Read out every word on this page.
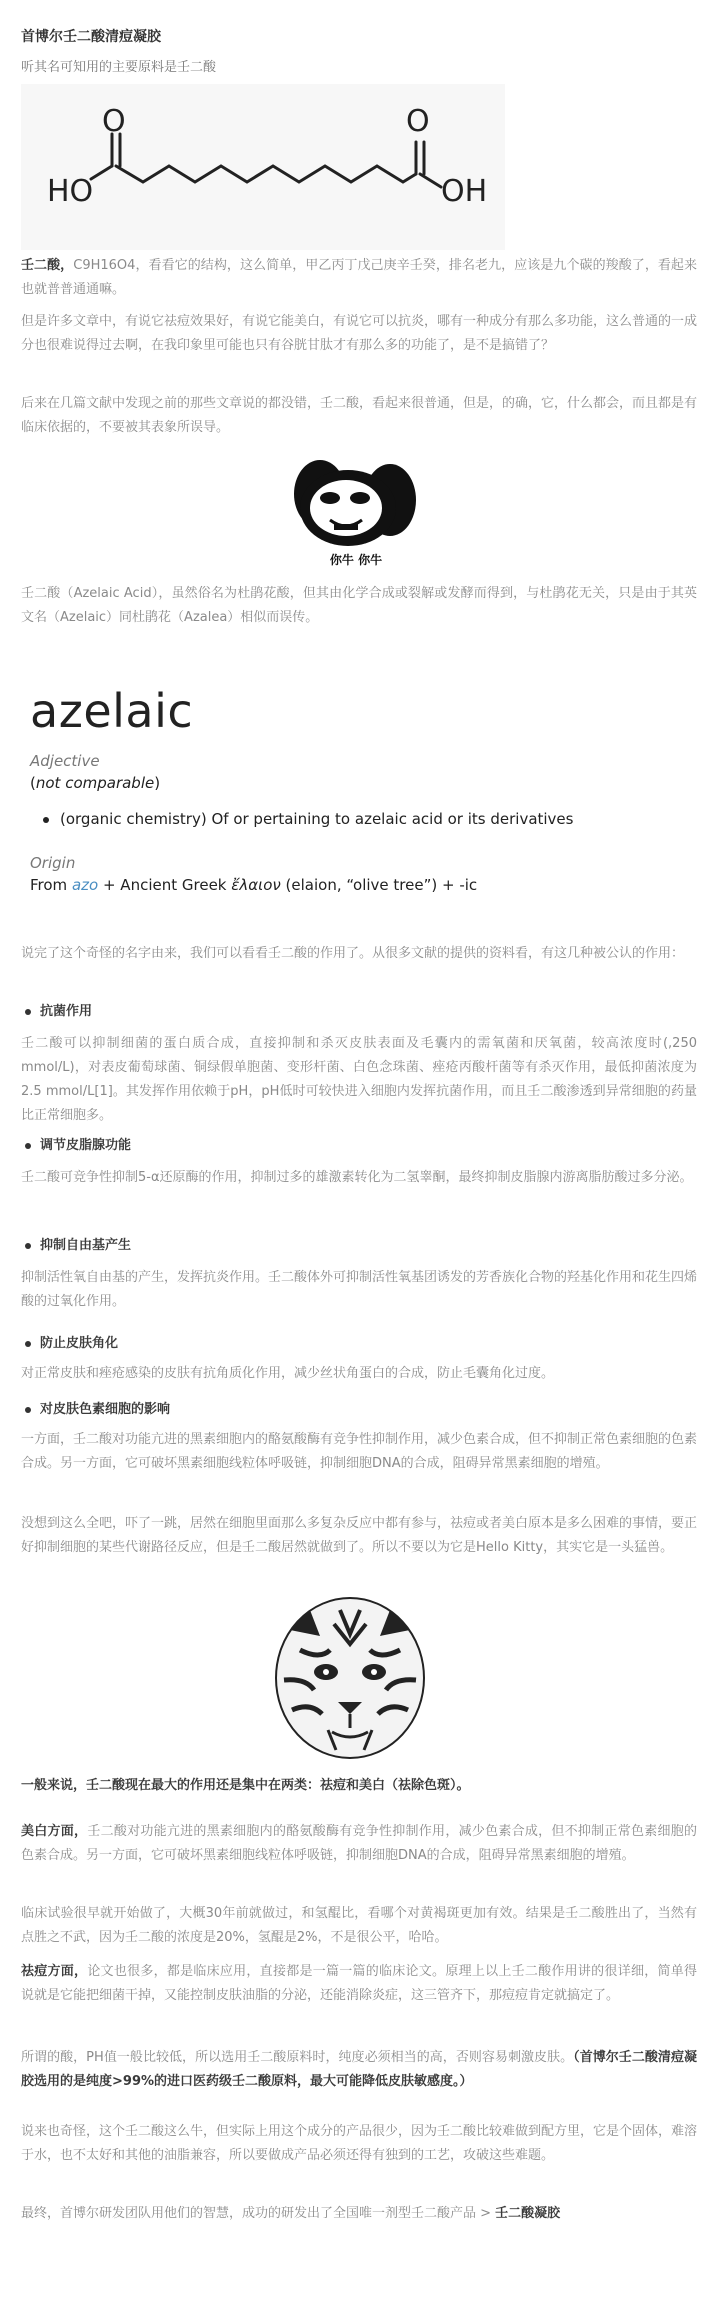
首博尔壬二酸清痘凝胶
听其名可知用的主要原料是壬二酸
HO
O	O
OH
壬二酸，C9H16O4，看看它的结构，这么简单，甲乙丙丁戊己庚辛壬癸，排名老九，应该是九个碳的羧酸了，看起来也就普普通通嘛。
但是许多文章中，有说它祛痘效果好，有说它能美白，有说它可以抗炎，哪有一种成分有那么多功能，这么普通的一成分也很难说得过去啊，在我印象里可能也只有谷胱甘肽才有那么多的功能了，是不是搞错了？
后来在几篇文献中发现之前的那些文章说的都没错，壬二酸，看起来很普通，但是，的确，它，什么都会，而且都是有临床依据的，不要被其表象所误导。
你牛 你牛
壬二酸（Azelaic Acid），虽然俗名为杜鹃花酸，但其由化学合成或裂解或发酵而得到，与杜鹃花无关，只是由于其英文名（Azelaic）同杜鹃花（Azalea）相似而误传。
azelaic
Adjective
(not comparable)
(organic chemistry) Of or pertaining to azelaic acid or its derivatives
Origin
From azo + Ancient Greek ἔλαιον (elaion, “olive tree”) + -ic
说完了这个奇怪的名字由来，我们可以看看壬二酸的作用了。从很多文献的提供的资料看，有这几种被公认的作用：
抗菌作用
壬二酸可以抑制细菌的蛋白质合成，直接抑制和杀灭皮肤表面及毛囊内的需氧菌和厌氧菌，较高浓度时(,250 mmol/L)，对表皮葡萄球菌、铜绿假单胞菌、变形杆菌、白色念珠菌、痤疮丙酸杆菌等有杀灭作用，最低抑菌浓度为2.5 mmol/L[1]。其发挥作用依赖于pH，pH低时可较快进入细胞内发挥抗菌作用，而且壬二酸渗透到异常细胞的药量比正常细胞多。
调节皮脂腺功能
壬二酸可竞争性抑制5-α还原酶的作用，抑制过多的雄激素转化为二氢睾酮，最终抑制皮脂腺内游离脂肪酸过多分泌。
抑制自由基产生
抑制活性氧自由基的产生，发挥抗炎作用。壬二酸体外可抑制活性氧基团诱发的芳香族化合物的羟基化作用和花生四烯酸的过氧化作用。
防止皮肤角化
对正常皮肤和痤疮感染的皮肤有抗角质化作用，减少丝状角蛋白的合成，防止毛囊角化过度。
对皮肤色素细胞的影响
一方面，壬二酸对功能亢进的黑素细胞内的酪氨酸酶有竞争性抑制作用，减少色素合成，但不抑制正常色素细胞的色素合成。另一方面，它可破坏黑素细胞线粒体呼吸链，抑制细胞DNA的合成，阻碍异常黑素细胞的增殖。
没想到这么全吧，吓了一跳，居然在细胞里面那么多复杂反应中都有参与，祛痘或者美白原本是多么困难的事情，要正好抑制细胞的某些代谢路径反应，但是壬二酸居然就做到了。所以不要以为它是Hello Kitty，其实它是一头猛兽。
一般来说，壬二酸现在最大的作用还是集中在两类：祛痘和美白（祛除色斑）。
美白方面，壬二酸对功能亢进的黑素细胞内的酪氨酸酶有竞争性抑制作用，减少色素合成，但不抑制正常色素细胞的色素合成。另一方面，它可破坏黑素细胞线粒体呼吸链，抑制细胞DNA的合成，阻碍异常黑素细胞的增殖。
临床试验很早就开始做了，大概30年前就做过，和氢醌比，看哪个对黄褐斑更加有效。结果是壬二酸胜出了，当然有点胜之不武，因为壬二酸的浓度是20%，氢醌是2%，不是很公平，哈哈。
祛痘方面，论文也很多，都是临床应用，直接都是一篇一篇的临床论文。原理上以上壬二酸作用讲的很详细，简单得说就是它能把细菌干掉，又能控制皮肤油脂的分泌，还能消除炎症，这三管齐下，那痘痘肯定就搞定了。
所谓的酸，PH值一般比较低，所以选用壬二酸原料时，纯度必须相当的高，否则容易刺激皮肤。（首博尔壬二酸清痘凝胶选用的是纯度>99%的进口医药级壬二酸原料，最大可能降低皮肤敏感度。）
说来也奇怪，这个壬二酸这么牛，但实际上用这个成分的产品很少，因为壬二酸比较难做到配方里，它是个固体，难溶于水，也不太好和其他的油脂兼容，所以要做成产品必须还得有独到的工艺，攻破这些难题。
最终，首博尔研发团队用他们的智慧，成功的研发出了全国唯一剂型壬二酸产品 > 壬二酸凝胶
